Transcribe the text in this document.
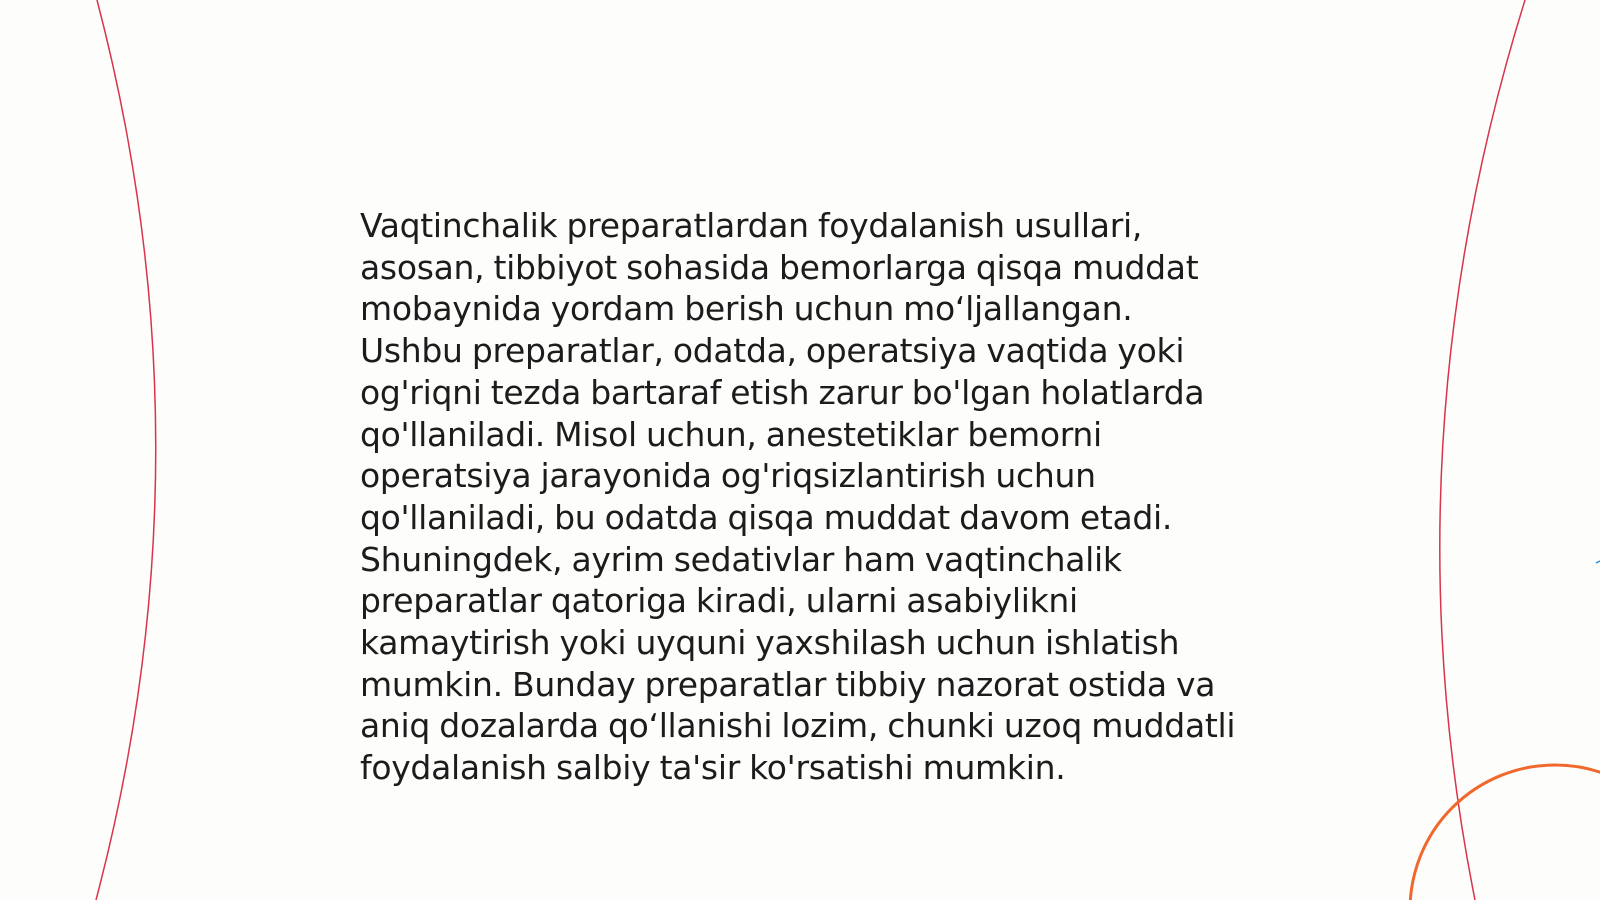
Vaqtinchalik preparatlardan foydalanish usullari,
asosan, tibbiyot sohasida bemorlarga qisqa muddat
mobaynida yordam berish uchun mo‘ljallangan.
Ushbu preparatlar, odatda, operatsiya vaqtida yoki
og'riqni tezda bartaraf etish zarur bo'lgan holatlarda
qo'llaniladi. Misol uchun, anestetiklar bemorni
operatsiya jarayonida og'riqsizlantirish uchun
qo'llaniladi, bu odatda qisqa muddat davom etadi.
Shuningdek, ayrim sedativlar ham vaqtinchalik
preparatlar qatoriga kiradi, ularni asabiylikni
kamaytirish yoki uyquni yaxshilash uchun ishlatish
mumkin. Bunday preparatlar tibbiy nazorat ostida va
aniq dozalarda qo‘llanishi lozim, chunki uzoq muddatli
foydalanish salbiy ta'sir ko'rsatishi mumkin.
